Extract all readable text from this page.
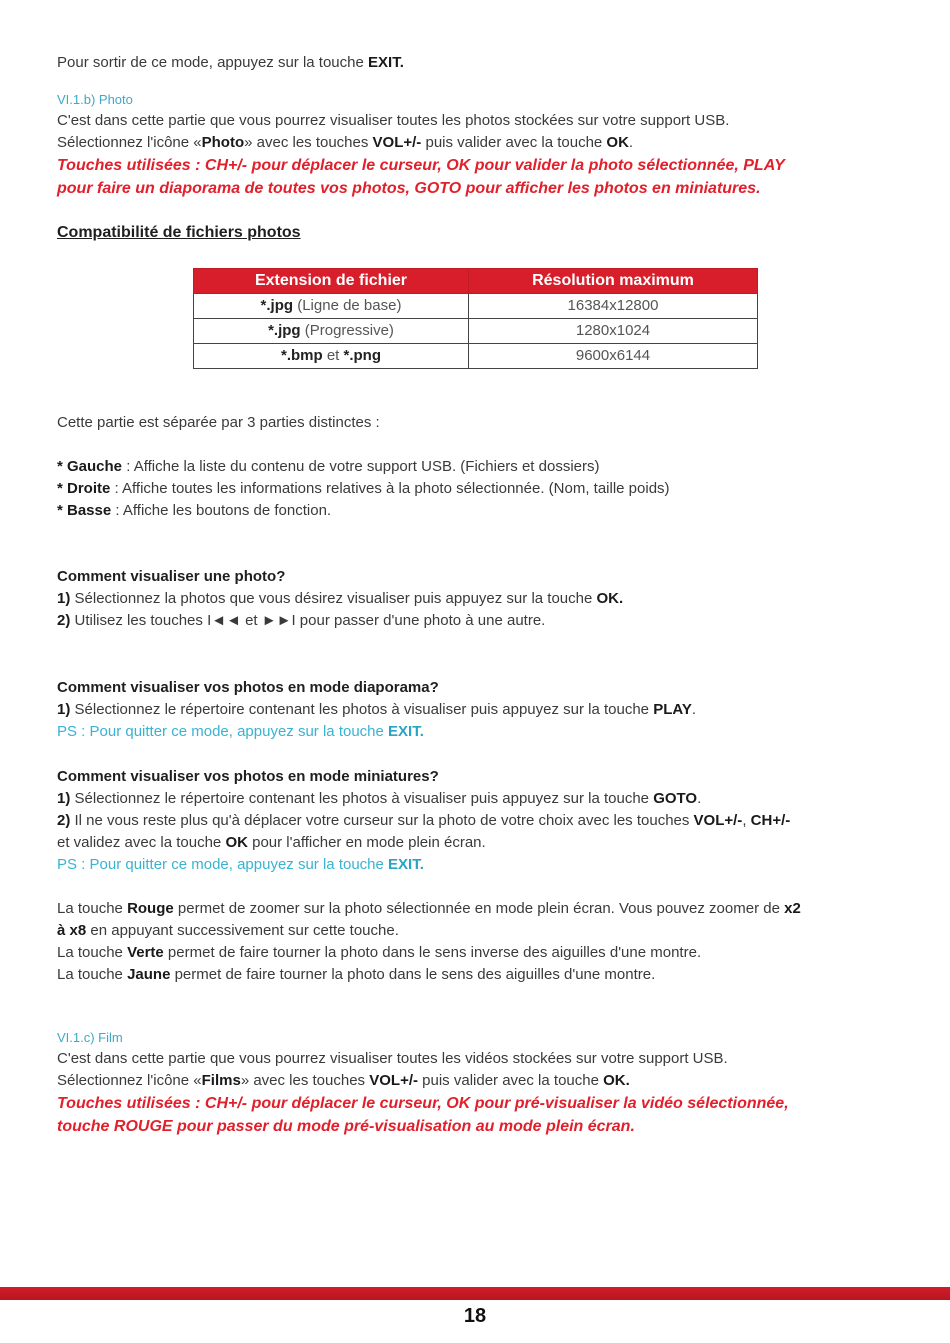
Pour sortir de ce mode, appuyez sur la touche EXIT.

VI.1.b) Photo

C'est dans cette partie que vous pourrez visualiser toutes les photos stockées sur votre support USB.

Sélectionnez l'icône «Photo» avec les touches VOL+/- puis valider avec la touche OK.

Touches utilisées : CH+/- pour déplacer le curseur, OK pour valider la photo sélectionnée, PLAY

pour faire un diaporama de toutes vos photos, GOTO pour afficher les photos en miniatures.

Compatibilité de fichiers photos

Extension de fichier	Résolution maximum
*.jpg (Ligne de base)	16384x12800
*.jpg (Progressive)	1280x1024
*.bmp et *.png	9600x6144

Cette partie est séparée par 3 parties distinctes :

* Gauche : Affiche la liste du contenu de votre support USB. (Fichiers et dossiers)

* Droite : Affiche toutes les informations relatives à la photo sélectionnée. (Nom, taille poids)

* Basse : Affiche les boutons de fonction.

Comment visualiser une photo?

1) Sélectionnez la photos que vous désirez visualiser puis appuyez sur la touche OK.

2) Utilisez les touches I◄◄ et ►►I pour passer d'une photo à une autre.

Comment visualiser vos photos en mode diaporama?

1) Sélectionnez le répertoire contenant les photos à visualiser puis appuyez sur la touche PLAY.

PS : Pour quitter ce mode, appuyez sur la touche EXIT.

Comment visualiser vos photos en mode miniatures?

1) Sélectionnez le répertoire contenant les photos à visualiser puis appuyez sur la touche GOTO.

2) Il ne vous reste plus qu'à déplacer votre curseur sur la photo de votre choix avec les touches VOL+/-, CH+/-

et validez avec la touche OK pour l'afficher en mode plein écran.

PS : Pour quitter ce mode, appuyez sur la touche EXIT.

La touche Rouge permet de zoomer sur la photo sélectionnée en mode plein écran. Vous pouvez zoomer de x2

à x8 en appuyant successivement sur cette touche.

La touche Verte permet de faire tourner la photo dans le sens inverse des aiguilles d'une montre.

La touche Jaune permet de faire tourner la photo dans le sens des aiguilles d'une montre.

VI.1.c) Film

C'est dans cette partie que vous pourrez visualiser toutes les vidéos stockées sur votre support USB.

Sélectionnez l'icône «Films» avec les touches VOL+/- puis valider avec la touche OK.

Touches utilisées : CH+/- pour déplacer le curseur, OK pour pré-visualiser la vidéo sélectionnée,

touche ROUGE pour passer du mode pré-visualisation au mode plein écran.

18
